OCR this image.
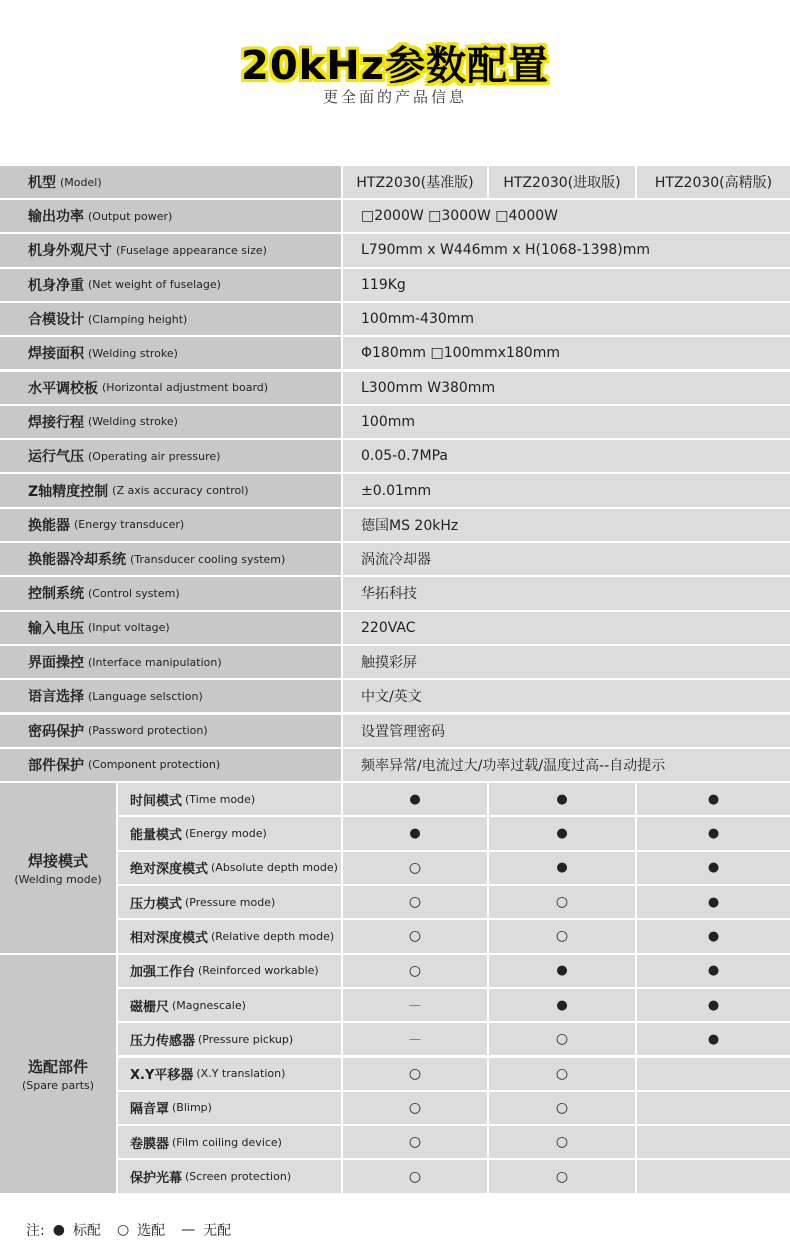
20kHz参数配置
更全面的产品信息
机型 (Model)	HTZ2030(基准版)	HTZ2030(进取版)	HTZ2030(高精版)
输出功率 (Output power)	□2000W □3000W □4000W
机身外观尺寸 (Fuselage appearance size)	L790mm x W446mm x H(1068-1398)mm
机身净重 (Net weight of fuselage)	119Kg
合模设计 (Clamping height)	100mm-430mm
焊接面积 (Welding stroke)	Φ180mm □100mmx180mm
水平调校板 (Horizontal adjustment board)	L300mm W380mm
焊接行程 (Welding stroke)	100mm
运行气压 (Operating air pressure)	0.05-0.7MPa
Z轴精度控制 (Z axis accuracy control)	±0.01mm
换能器 (Energy transducer)	德国MS 20kHz
换能器冷却系统 (Transducer cooling system)	涡流冷却器
控制系统 (Control system)	华拓科技
输入电压 (Input voltage)	220VAC
界面操控 (Interface manipulation)	触摸彩屏
语言选择 (Language selsction)	中文/英文
密码保护 (Password protection)	设置管理密码
部件保护 (Component protection)	频率异常/电流过大/功率过载/温度过高--自动提示
焊接模式
(Welding mode)
时间模式 (Time mode)	●	●	●
能量模式 (Energy mode)	●	●	●
绝对深度模式 (Absolute depth mode)	○	●	●
压力模式 (Pressure mode)	○	○	●
相对深度模式 (Relative depth mode)	○	○	●
选配部件
(Spare parts)
加强工作台 (Reinforced workable)	○	●	●
磁栅尺 (Magnescale)	—	●	●
压力传感器 (Pressure pickup)	—	○	●
X.Y平移器 (X.Y translation)	○	○
隔音罩 (Blimp)	○	○
卷膜器 (Film coiling device)	○	○
保护光幕 (Screen protection)	○	○
注: ● 标配 ○ 选配 — 无配
